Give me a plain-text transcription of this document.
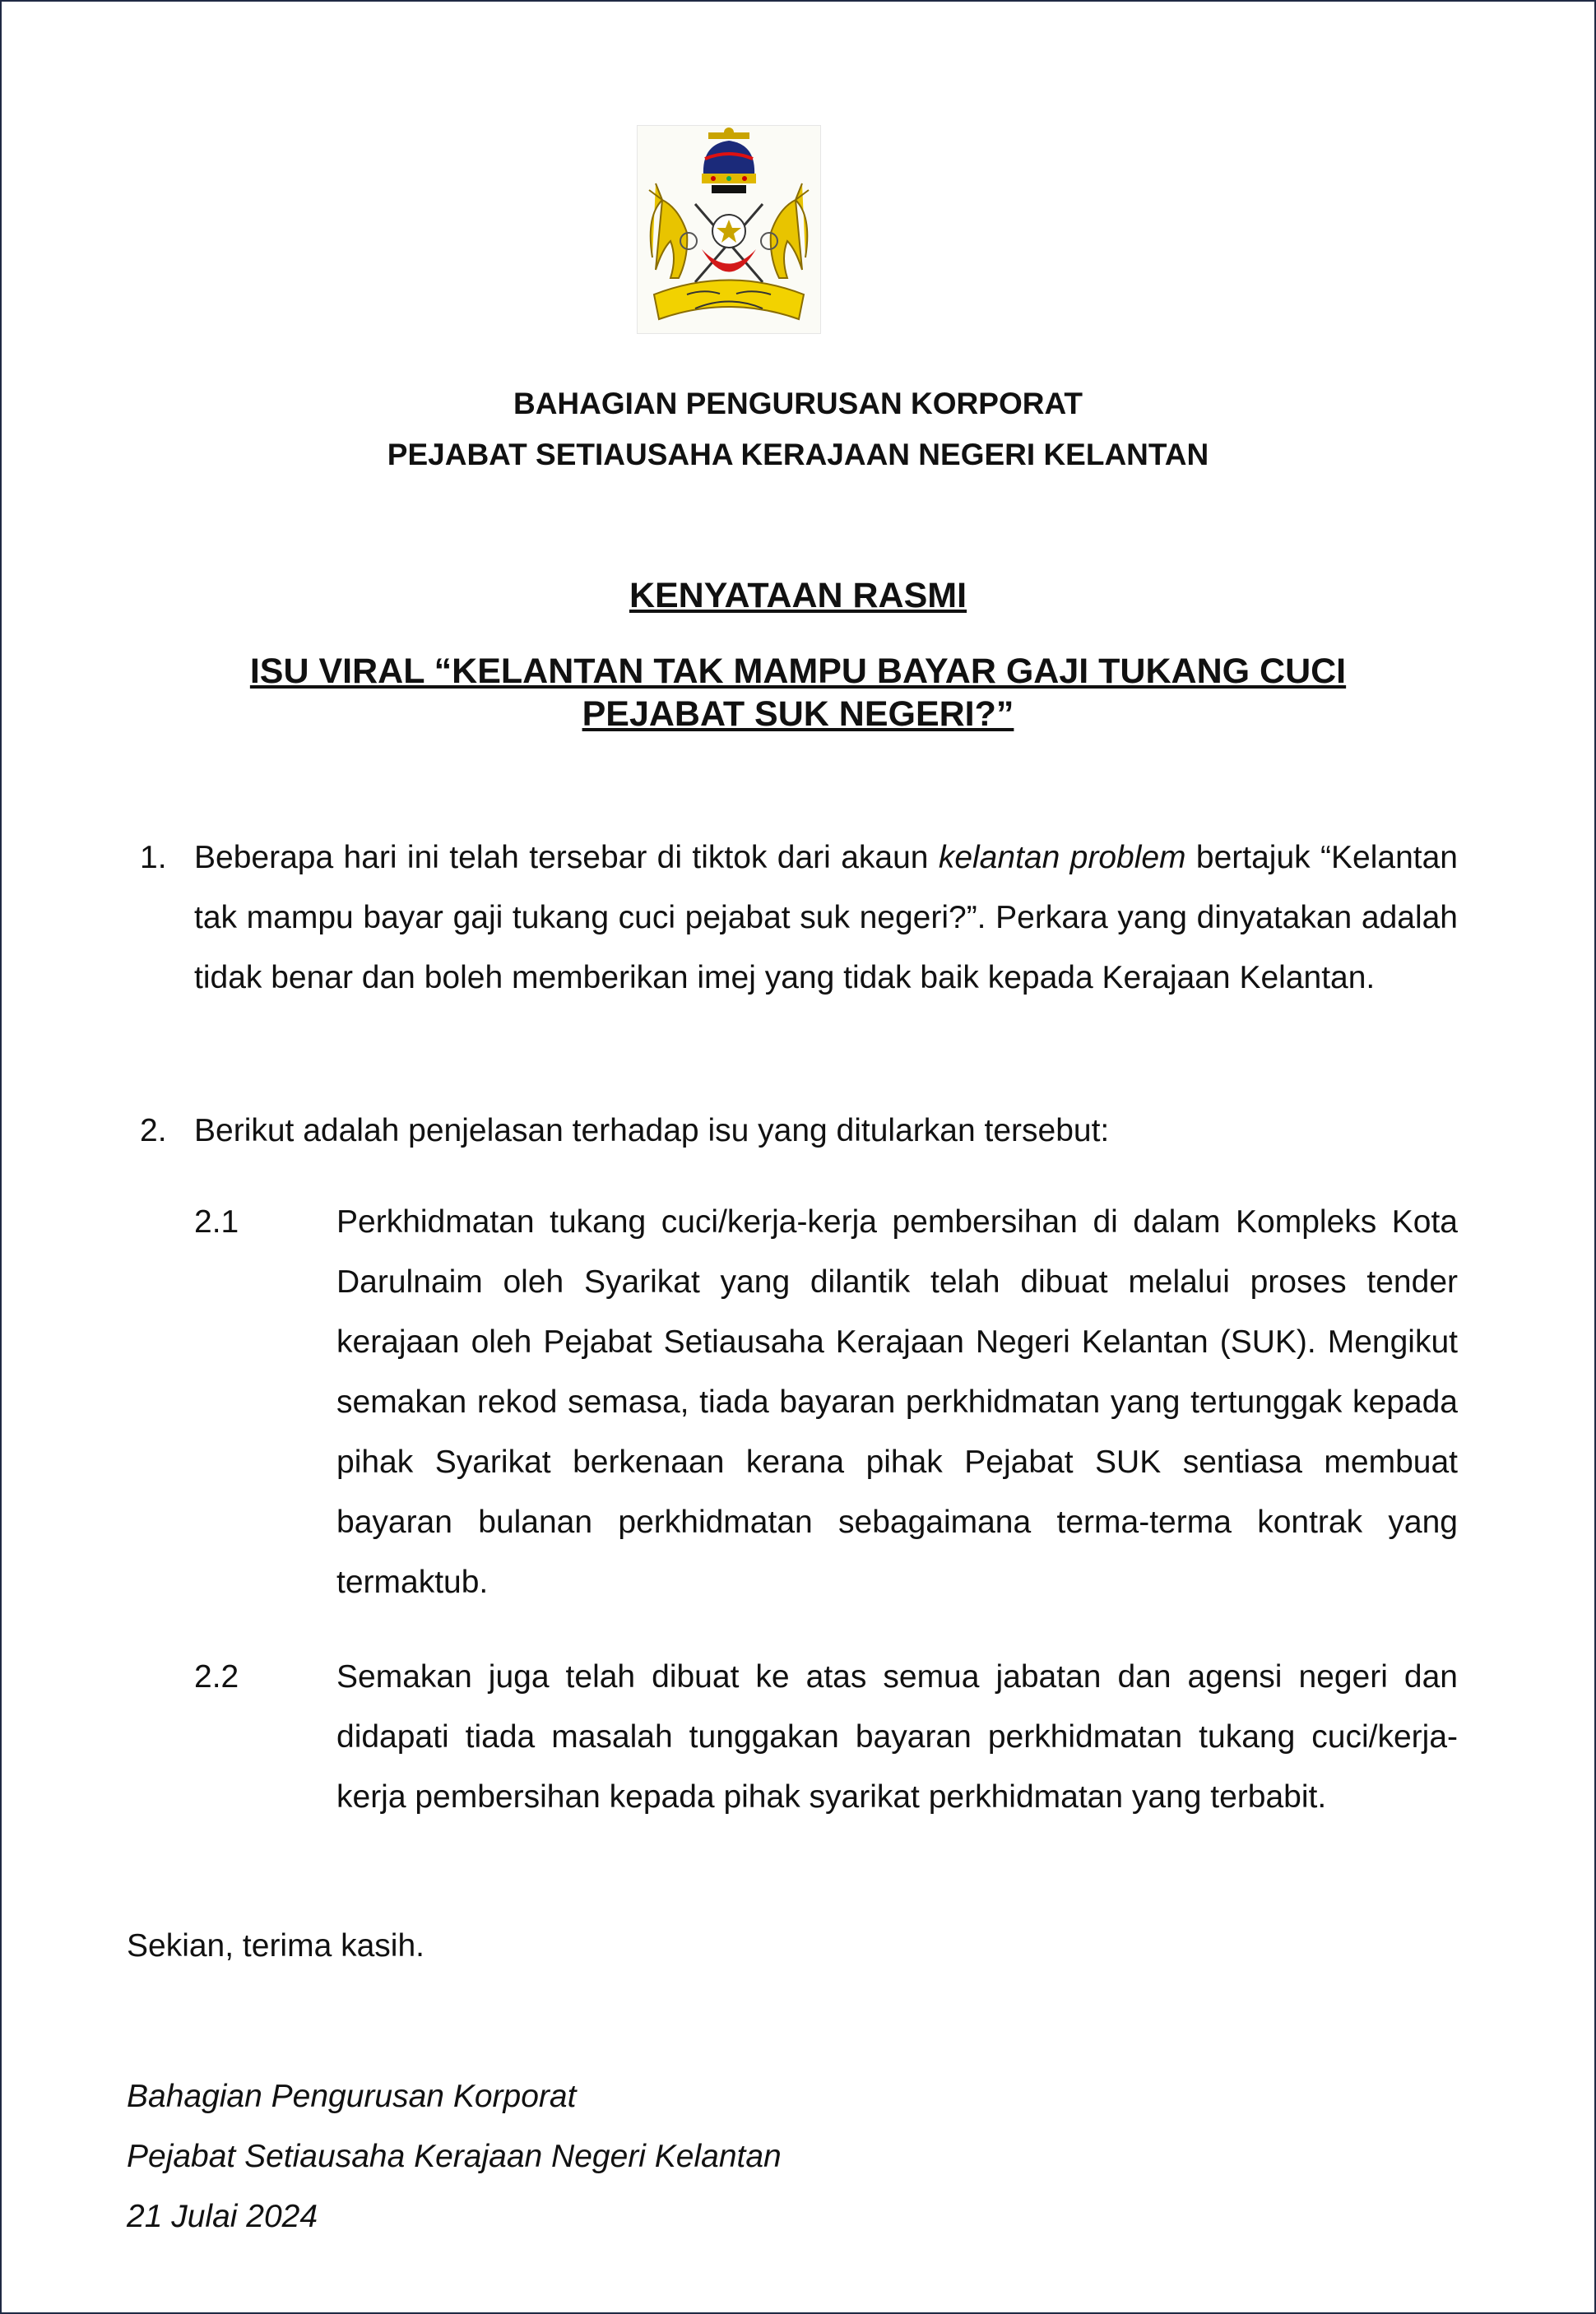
BAHAGIAN PENGURUSAN KORPORAT
PEJABAT SETIAUSAHA KERAJAAN NEGERI KELANTAN
KENYATAAN RASMI
ISU VIRAL “KELANTAN TAK MAMPU BAYAR GAJI TUKANG CUCI
PEJABAT SUK NEGERI?”
1. Beberapa hari ini telah tersebar di tiktok dari akaun kelantan problem bertajuk “Kelantan tak mampu bayar gaji tukang cuci pejabat suk negeri?”. Perkara yang dinyatakan adalah tidak benar dan boleh memberikan imej yang tidak baik kepada Kerajaan Kelantan.
2. Berikut adalah penjelasan terhadap isu yang ditularkan tersebut:
2.1	Perkhidmatan tukang cuci/kerja-kerja pembersihan di dalam Kompleks Kota Darulnaim oleh Syarikat yang dilantik telah dibuat melalui proses tender kerajaan oleh Pejabat Setiausaha Kerajaan Negeri Kelantan (SUK). Mengikut semakan rekod semasa, tiada bayaran perkhidmatan yang tertunggak kepada pihak Syarikat berkenaan kerana pihak Pejabat SUK sentiasa membuat bayaran bulanan perkhidmatan sebagaimana terma-terma kontrak yang termaktub.
2.2	Semakan juga telah dibuat ke atas semua jabatan dan agensi negeri dan didapati tiada masalah tunggakan bayaran perkhidmatan tukang cuci/kerja-kerja pembersihan kepada pihak syarikat perkhidmatan yang terbabit.
Sekian, terima kasih.
Bahagian Pengurusan Korporat
Pejabat Setiausaha Kerajaan Negeri Kelantan
21 Julai 2024
